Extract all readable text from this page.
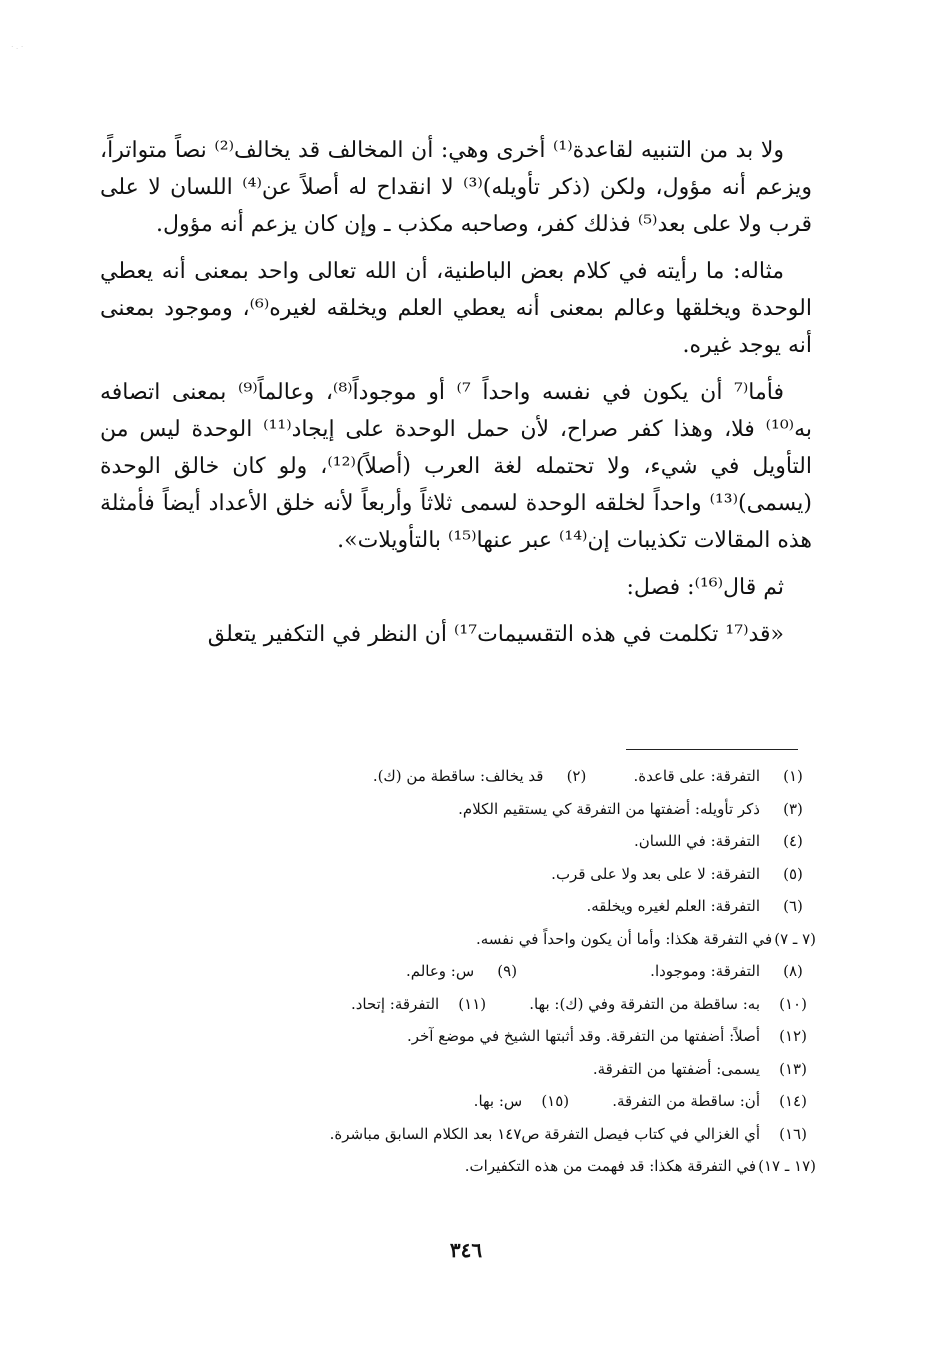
·.·

ولا بد من التنبيه لقاعدة⁽¹⁾ أخرى وهي: أن المخالف قد يخالف⁽²⁾ نصاً متواتراً، ويزعم أنه مؤول، ولكن (ذكر تأويله)⁽³⁾ لا انقداح له أصلاً عن⁽⁴⁾ اللسان لا على قرب ولا على بعد⁽⁵⁾ فذلك كفر، وصاحبه مكذب ـ وإن كان يزعم أنه مؤول.

مثاله: ما رأيته في كلام بعض الباطنية، أن الله تعالى واحد بمعنى أنه يعطي الوحدة ويخلقها وعالم بمعنى أنه يعطي العلم ويخلقه لغيره⁽⁶⁾، وموجود بمعنى أنه يوجد غيره.

فأما⁽⁷ أن يكون في نفسه واحداً ⁷⁾ أو موجوداً⁽⁸⁾، وعالماً⁽⁹⁾ بمعنى اتصافه به⁽¹⁰⁾ فلا، وهذا كفر صراح، لأن حمل الوحدة على إيجاد⁽¹¹⁾ الوحدة ليس من التأويل في شيء، ولا تحتمله لغة العرب (أصلاً)⁽¹²⁾، ولو كان خالق الوحدة (يسمى)⁽¹³⁾ واحداً لخلقه الوحدة لسمى ثلاثاً وأربعاً لأنه خلق الأعداد أيضاً فأمثلة هذه المقالات تكذيبات إن⁽¹⁴⁾ عبر عنها⁽¹⁵⁾ بالتأويلات».

ثم قال⁽¹⁶⁾: فصل:

«قد⁽¹⁷ تكلمت في هذه التقسيمات¹⁷⁾ أن النظر في التكفير يتعلق

(١)
التفرقة: على قاعدة.
(٢)
قد يخالف: ساقطة من (ك).
(٣)
ذكر تأويله: أضفتها من التفرقة كي يستقيم الكلام.
(٤)
التفرقة: في اللسان.
(٥)
التفرقة: لا على بعد ولا على قرب.
(٦)
التفرقة: العلم لغيره ويخلقه.
(٧ ـ ٧)
في التفرقة هكذا: وأما أن يكون واحداً في نفسه.
(٨)
التفرقة: وموجودا.
(٩)
س: وعالم.
(١٠)
به: ساقطة من التفرقة وفي (ك): بها.
(١١)
التفرقة: إتحاد.
(١٢)
أصلاً: أضفتها من التفرقة. وقد أثبتها الشيخ في موضع آخر.
(١٣)
يسمى: أضفتها من التفرقة.
(١٤)
أن: ساقطة من التفرقة.
(١٥)
س: بها.
(١٦)
أي الغزالي في كتاب فيصل التفرقة ص١٤٧ بعد الكلام السابق مباشرة.
(١٧ ـ ١٧)
في التفرقة هكذا: قد فهمت من هذه التكفيرات.
٣٤٦
